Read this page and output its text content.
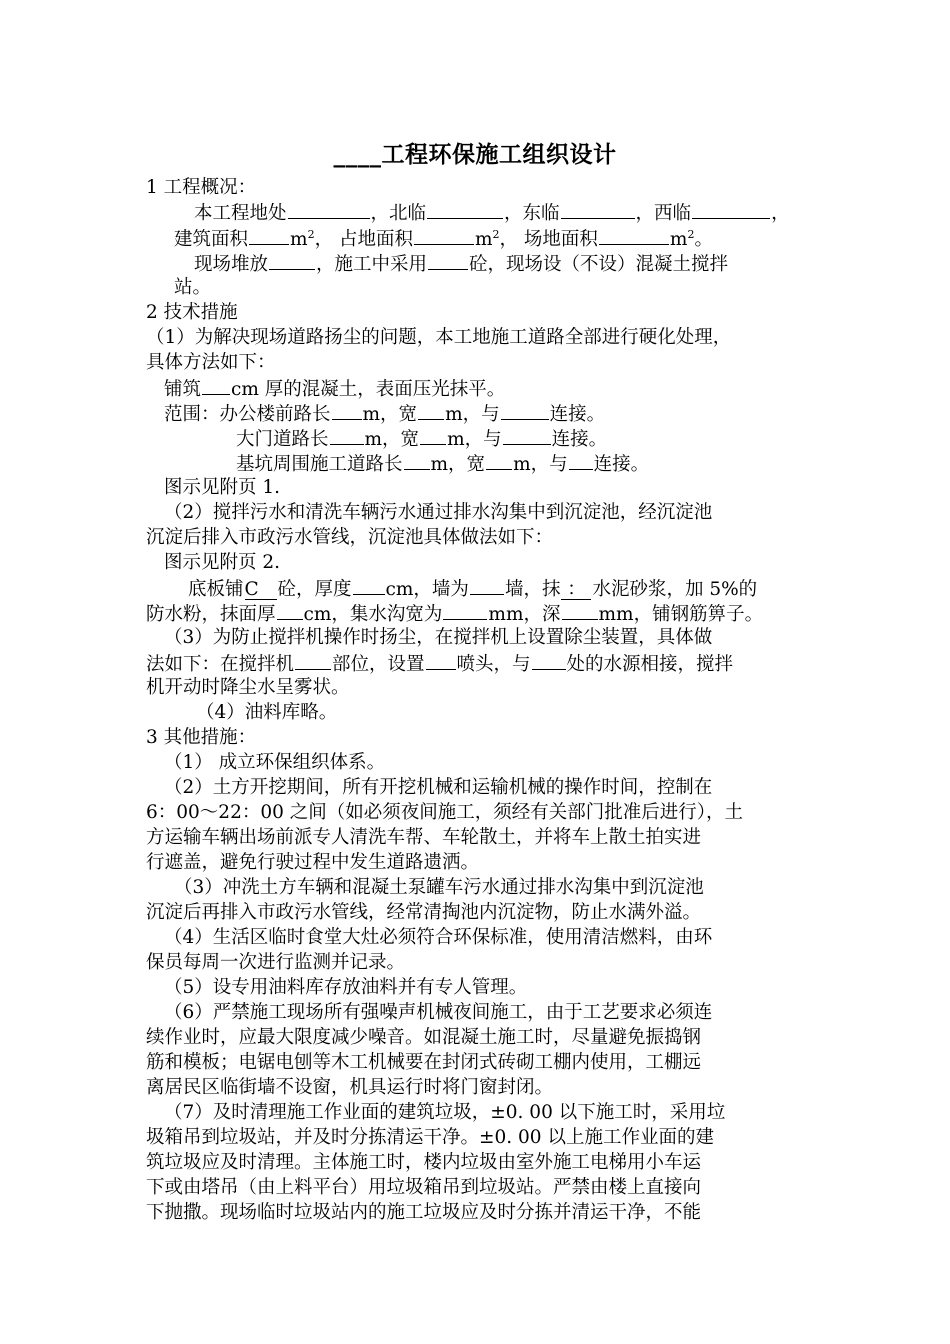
____工程环保施工组织设计
1 工程概况：
本工程地处	，北临	，东临	，西临	，
建筑面积 $m^2$， 占地面积	$m^2$， 场地面积	$m^2$。
现场堆放	，施工中采用 砼，现场设（不设）混凝土搅拌
站。
2 技术措施
（1）为解决现场道路扬尘的问题，本工地施工道路全部进行硬化处理，
具体方法如下：
铺筑 cm 厚的混凝土，表面压光抹平。
范围：办公楼前路长 m，宽 m，与	连接。
大门道路长 m，宽 m，与	连接。
基坑周围施工道路长 m，宽 m，与 连接。
图示见附页 1.
（2）搅拌污水和清洗车辆污水通过排水沟集中到沉淀池，经沉淀池
沉淀后排入市政污水管线，沉淀池具体做法如下：
图示见附页 2.
底板铺C 砼，厚度 cm，墙为 墙，抹 ： 水泥砂浆，加 5%的
防水粉，抹面厚 cm，集水沟宽为 mm，深 mm，铺钢筋箅子。
（3）为防止搅拌机操作时扬尘，在搅拌机上设置除尘装置，具体做
法如下：在搅拌机 部位，设置 喷头，与 处的水源相接，搅拌
机开动时降尘水呈雾状。
（4）油料库略。
3 其他措施：
（1） 成立环保组织体系。
（2）土方开挖期间，所有开挖机械和运输机械的操作时间，控制在
6：00～22：00 之间（如必须夜间施工，须经有关部门批准后进行），土
方运输车辆出场前派专人清洗车帮、车轮散土，并将车上散土拍实进
行遮盖，避免行驶过程中发生道路遗洒。
（3）冲洗土方车辆和混凝土泵罐车污水通过排水沟集中到沉淀池
沉淀后再排入市政污水管线，经常清掏池内沉淀物，防止水满外溢。
（4）生活区临时食堂大灶必须符合环保标准，使用清洁燃料，由环
保员每周一次进行监测并记录。
（5）设专用油料库存放油料并有专人管理。
（6）严禁施工现场所有强噪声机械夜间施工，由于工艺要求必须连
续作业时，应最大限度减少噪音。如混凝土施工时，尽量避免振捣钢
筋和模板；电锯电刨等木工机械要在封闭式砖砌工棚内使用，工棚远
离居民区临街墙不设窗，机具运行时将门窗封闭。
（7）及时清理施工作业面的建筑垃圾，±0. 00 以下施工时，采用垃
圾箱吊到垃圾站，并及时分拣清运干净。±0. 00 以上施工作业面的建
筑垃圾应及时清理。主体施工时，楼内垃圾由室外施工电梯用小车运
下或由塔吊（由上料平台）用垃圾箱吊到垃圾站。严禁由楼上直接向
下抛撒。现场临时垃圾站内的施工垃圾应及时分拣并清运干净，不能
